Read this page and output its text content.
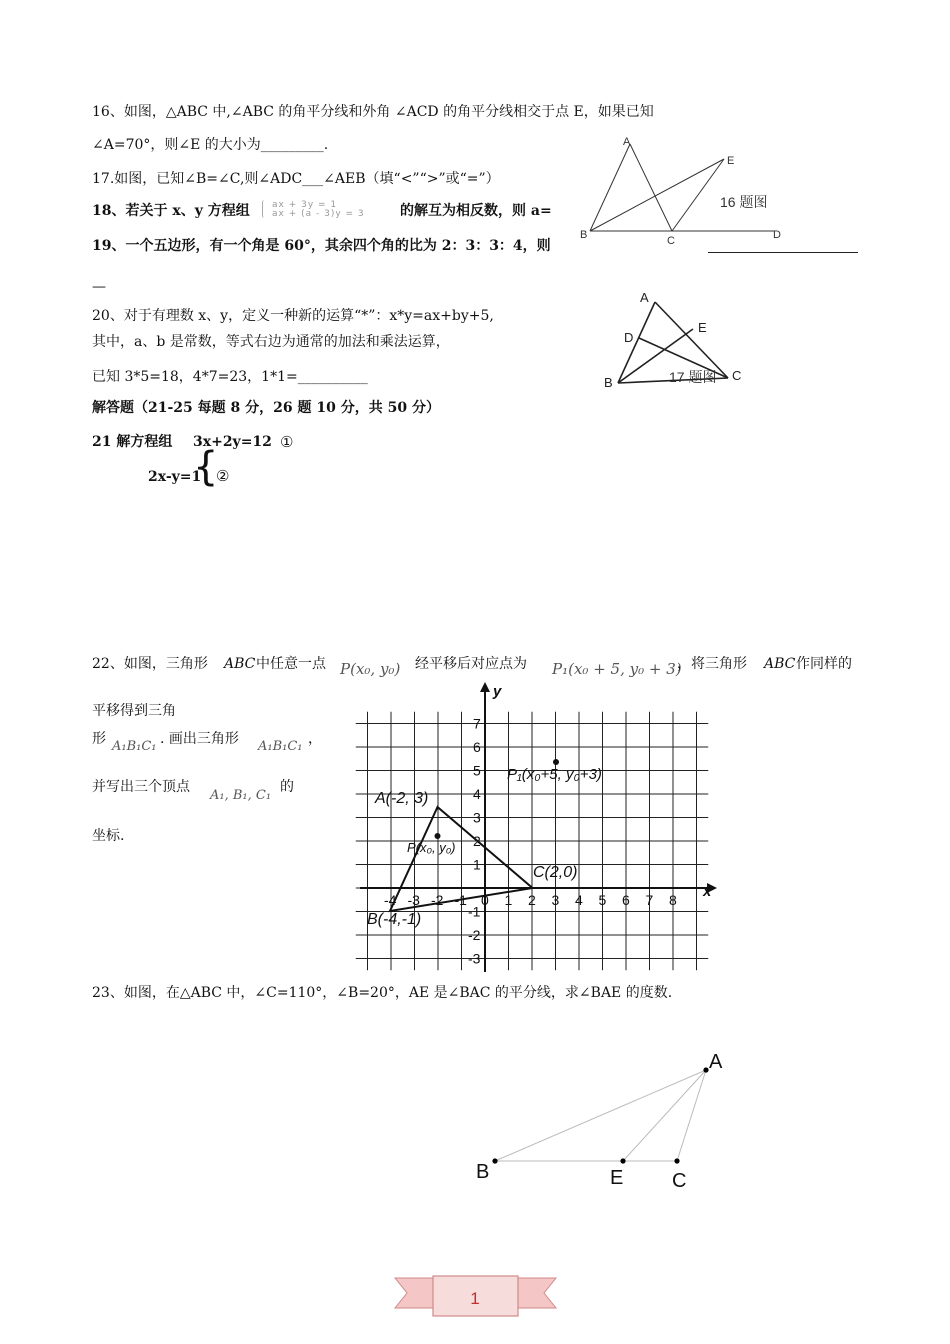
16、如图，△ABC 中,∠ABC 的角平分线和外角 ∠ACD 的角平分线相交于点 E，如果已知
∠A=70°，则∠E 的大小为_________.
17.如图，已知∠B=∠C,则∠ADC___∠AEB（填“<”“>”或“=”）
18、若关于 x、y 方程组 ax + 3y = 1
ax + (a - 3)y = 3	的解互为相反数，则 a=
19、一个五边形，有一个角是 60°，其余四个角的比为 2：3：3：4，则
—
A
E
B	C	D
16 题图
20、对于有理数 x、y，定义一种新的运算“*”：x*y=ax+by+5,
其中，a、b 是常数，等式右边为通常的加法和乘法运算，
已知 3*5=18，4*7=23，1*1=__________
A
D
E
B	C
17 题图
解答题（21-25 每题 8 分，26 题 10 分，共 50 分）
21 解方程组 3x+2y=12 ①
2x-y=1
{
②
22、如图，三角形 ABC 中任意一点 P(x₀, y₀) 经平移后对应点为 P₁(x₀ + 5, y₀ + 3)
，将三角形 ABC 作同样的
平移得到三角
形 A₁B₁C₁ . 画出三角形 A₁B₁C₁ ，
并写出三个顶点
A₁, B₁, C₁
的
坐标.
y
x
-4 -3 -2 -1 0 1 2 3 4 5 6 7 8
7
6
5
4
3
2
1
-1
-2
-3
A(-2, 3)
B(-4,-1)
C(2,0)
P(x₀, y₀)
P₁(x₀+5, y₀+3)
23、如图，在△ABC 中，∠C=110°，∠B=20°，AE 是∠BAC 的平分线，求∠BAE 的度数.
A
B	E C
1
